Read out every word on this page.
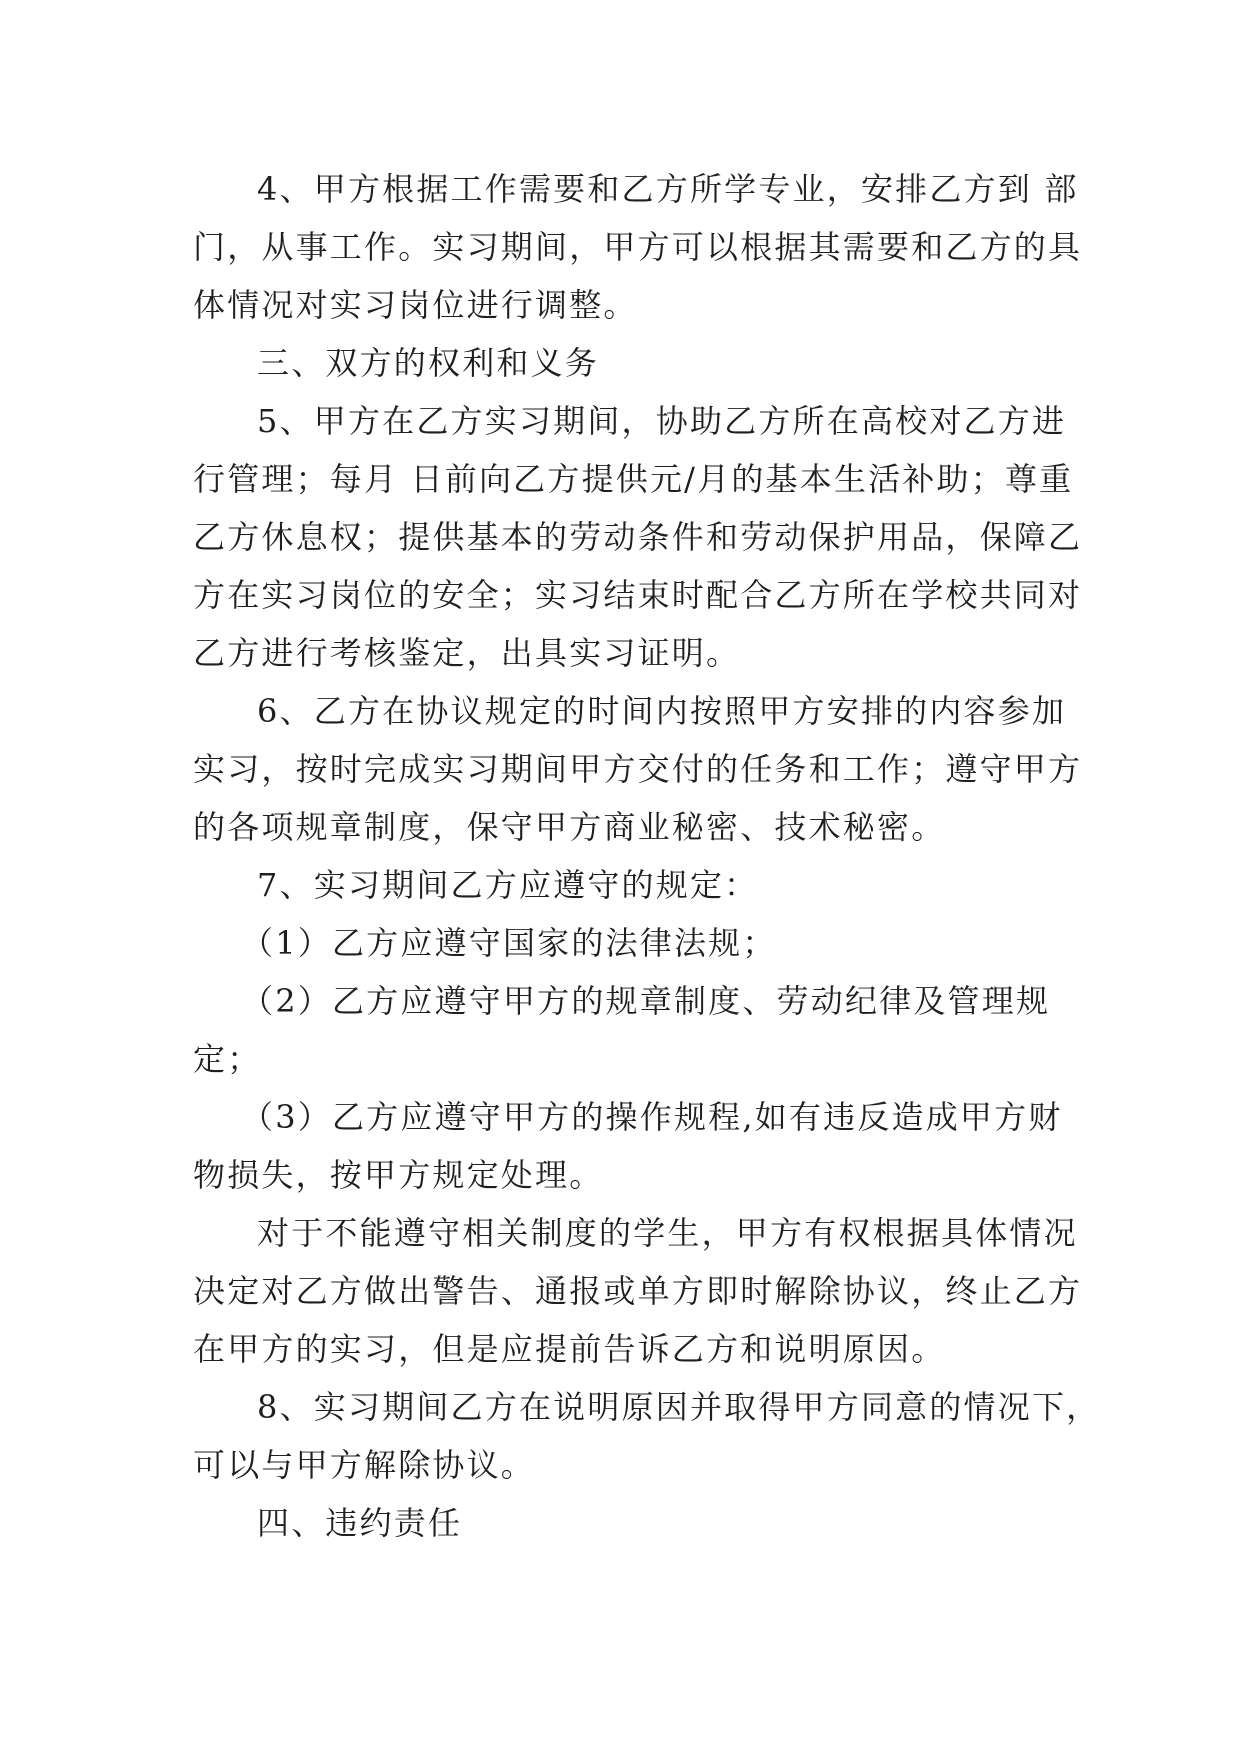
4、甲方根据工作需要和乙方所学专业，安排乙方到 部
门，从事工作。实习期间，甲方可以根据其需要和乙方的具
体情况对实习岗位进行调整。
三、双方的权利和义务
5、甲方在乙方实习期间，协助乙方所在高校对乙方进
行管理；每月 日前向乙方提供元/月的基本生活补助；尊重
乙方休息权；提供基本的劳动条件和劳动保护用品，保障乙
方在实习岗位的安全；实习结束时配合乙方所在学校共同对
乙方进行考核鉴定，出具实习证明。
6、乙方在协议规定的时间内按照甲方安排的内容参加
实习，按时完成实习期间甲方交付的任务和工作；遵守甲方
的各项规章制度，保守甲方商业秘密、技术秘密。
7、实习期间乙方应遵守的规定：
（1）乙方应遵守国家的法律法规；
（2）乙方应遵守甲方的规章制度、劳动纪律及管理规
定；
（3）乙方应遵守甲方的操作规程,如有违反造成甲方财
物损失，按甲方规定处理。
对于不能遵守相关制度的学生，甲方有权根据具体情况
决定对乙方做出警告、通报或单方即时解除协议，终止乙方
在甲方的实习，但是应提前告诉乙方和说明原因。
8、实习期间乙方在说明原因并取得甲方同意的情况下，
可以与甲方解除协议。
四、违约责任
